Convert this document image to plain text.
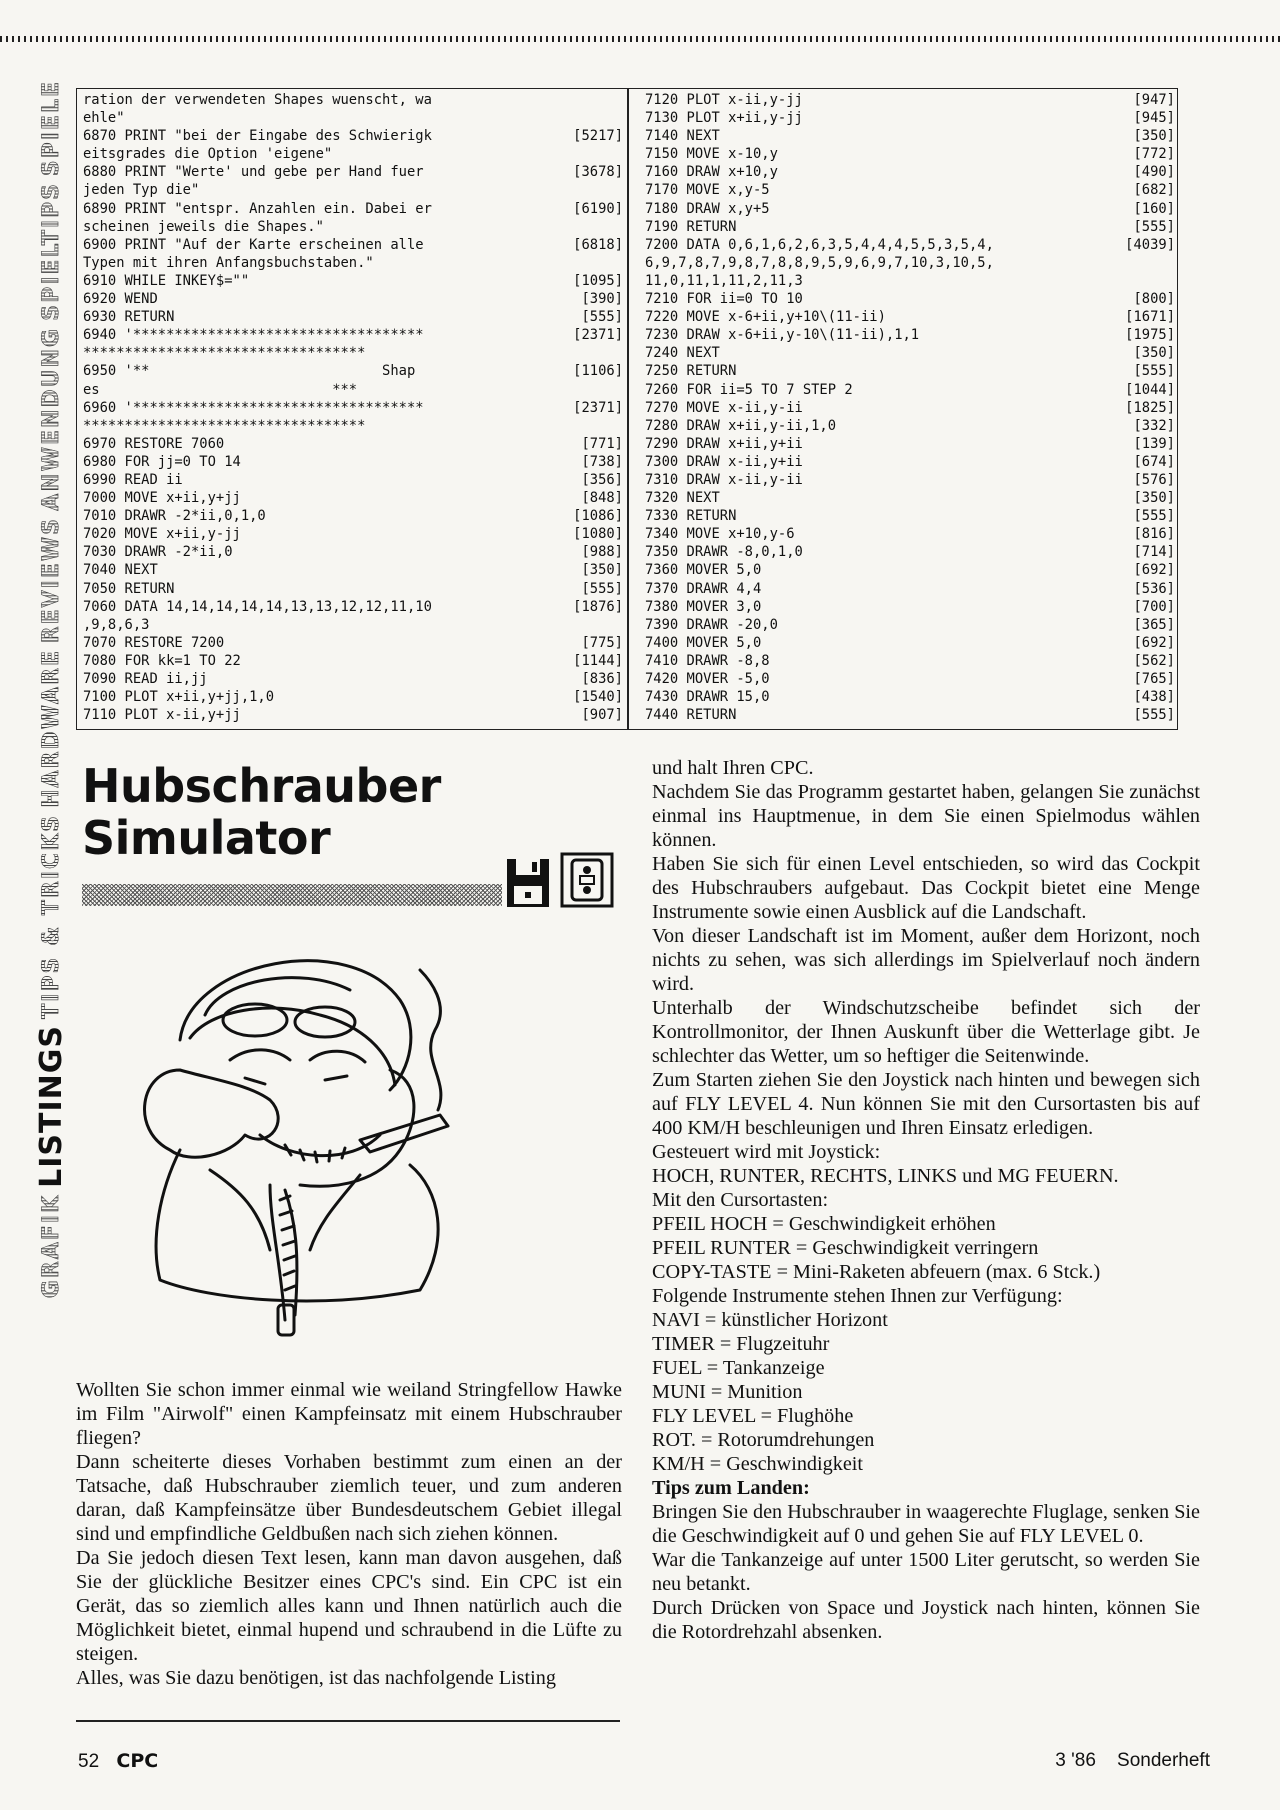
SPIELE
SPIELTIPS
ANWENDUNG
REVIEWS
HARDWARE
TIPS & TRICKS
LISTINGS
GRAFIK
ration der verwendeten Shapes wuenscht, wa
ehle"
6870 PRINT "bei der Eingabe des Schwierigk	[5217]
eitsgrades die Option 'eigene"
6880 PRINT "Werte' und gebe per Hand fuer	[3678]
jeden Typ die"
6890 PRINT "entspr. Anzahlen ein. Dabei er	[6190]
scheinen jeweils die Shapes."
6900 PRINT "Auf der Karte erscheinen alle	[6818]
Typen mit ihren Anfangsbuchstaben."
6910 WHILE INKEY$=""	[1095]
6920 WEND	[390]
6930 RETURN	[555]
6940 '***********************************	[2371]
**********************************
6950 '**                            Shap	[1106]
es                            ***
6960 '***********************************	[2371]
**********************************
6970 RESTORE 7060	[771]
6980 FOR jj=0 TO 14	[738]
6990 READ ii	[356]
7000 MOVE x+ii,y+jj	[848]
7010 DRAWR -2*ii,0,1,0	[1086]
7020 MOVE x+ii,y-jj	[1080]
7030 DRAWR -2*ii,0	[988]
7040 NEXT	[350]
7050 RETURN	[555]
7060 DATA 14,14,14,14,14,13,13,12,12,11,10	[1876]
,9,8,6,3
7070 RESTORE 7200	[775]
7080 FOR kk=1 TO 22	[1144]
7090 READ ii,jj	[836]
7100 PLOT x+ii,y+jj,1,0	[1540]
7110 PLOT x-ii,y+jj	[907]
7120 PLOT x-ii,y-jj	[947]
7130 PLOT x+ii,y-jj	[945]
7140 NEXT	[350]
7150 MOVE x-10,y	[772]
7160 DRAW x+10,y	[490]
7170 MOVE x,y-5	[682]
7180 DRAW x,y+5	[160]
7190 RETURN	[555]
7200 DATA 0,6,1,6,2,6,3,5,4,4,4,5,5,3,5,4,	[4039]
6,9,7,8,7,9,8,7,8,8,9,5,9,6,9,7,10,3,10,5,
11,0,11,1,11,2,11,3
7210 FOR ii=0 TO 10	[800]
7220 MOVE x-6+ii,y+10\(11-ii)	[1671]
7230 DRAW x-6+ii,y-10\(11-ii),1,1	[1975]
7240 NEXT	[350]
7250 RETURN	[555]
7260 FOR ii=5 TO 7 STEP 2	[1044]
7270 MOVE x-ii,y-ii	[1825]
7280 DRAW x+ii,y-ii,1,0	[332]
7290 DRAW x+ii,y+ii	[139]
7300 DRAW x-ii,y+ii	[674]
7310 DRAW x-ii,y-ii	[576]
7320 NEXT	[350]
7330 RETURN	[555]
7340 MOVE x+10,y-6	[816]
7350 DRAWR -8,0,1,0	[714]
7360 MOVER 5,0	[692]
7370 DRAWR 4,4	[536]
7380 MOVER 3,0	[700]
7390 DRAWR -20,0	[365]
7400 MOVER 5,0	[692]
7410 DRAWR -8,8	[562]
7420 MOVER -5,0	[765]
7430 DRAWR 15,0	[438]
7440 RETURN	[555]
Hubschrauber
Simulator

Wollten Sie schon immer einmal wie weiland Stringfellow Hawke im Film "Airwolf" einen Kampfeinsatz mit einem Hubschrauber fliegen?

Dann scheiterte dieses Vorhaben bestimmt zum einen an der Tatsache, daß Hubschrauber ziemlich teuer, und zum anderen daran, daß Kampfeinsätze über Bundesdeutschem Gebiet illegal sind und empfindliche Geldbußen nach sich ziehen können.

Da Sie jedoch diesen Text lesen, kann man davon ausgehen, daß Sie der glückliche Besitzer eines CPC's sind. Ein CPC ist ein Gerät, das so ziemlich alles kann und Ihnen natürlich auch die Möglichkeit bietet, einmal hupend und schraubend in die Lüfte zu steigen.

Alles, was Sie dazu benötigen, ist das nachfolgende Listing

und halt Ihren CPC.

Nachdem Sie das Programm gestartet haben, gelangen Sie zunächst einmal ins Hauptmenue, in dem Sie einen Spielmodus wählen können.

Haben Sie sich für einen Level entschieden, so wird das Cockpit des Hubschraubers aufgebaut. Das Cockpit bietet eine Menge Instrumente sowie einen Ausblick auf die Landschaft.

Von dieser Landschaft ist im Moment, außer dem Horizont, noch nichts zu sehen, was sich allerdings im Spielverlauf noch ändern wird.

Unterhalb der Windschutzscheibe befindet sich der Kontrollmonitor, der Ihnen Auskunft über die Wetterlage gibt. Je schlechter das Wetter, um so heftiger die Seitenwinde.

Zum Starten ziehen Sie den Joystick nach hinten und bewegen sich auf FLY LEVEL 4. Nun können Sie mit den Cursortasten bis auf 400 KM/H beschleunigen und Ihren Einsatz erledigen.

Gesteuert wird mit Joystick:

HOCH, RUNTER, RECHTS, LINKS und MG FEUERN.

Mit den Cursortasten:

PFEIL HOCH = Geschwindigkeit erhöhen

PFEIL RUNTER = Geschwindigkeit verringern

COPY-TASTE = Mini-Raketen abfeuern (max. 6 Stck.)

Folgende Instrumente stehen Ihnen zur Verfügung:

NAVI = künstlicher Horizont

TIMER = Flugzeituhr

FUEL = Tankanzeige

MUNI = Munition

FLY LEVEL = Flughöhe

ROT. = Rotorumdrehungen

KM/H = Geschwindigkeit

Tips zum Landen:

Bringen Sie den Hubschrauber in waagerechte Fluglage, senken Sie die Geschwindigkeit auf 0 und gehen Sie auf FLY LEVEL 0.

War die Tankanzeige auf unter 1500 Liter gerutscht, so werden Sie neu betankt.

Durch Drücken von Space und Joystick nach hinten, können Sie die Rotordrehzahl absenken.

52 CPC	3 '86 Sonderheft
